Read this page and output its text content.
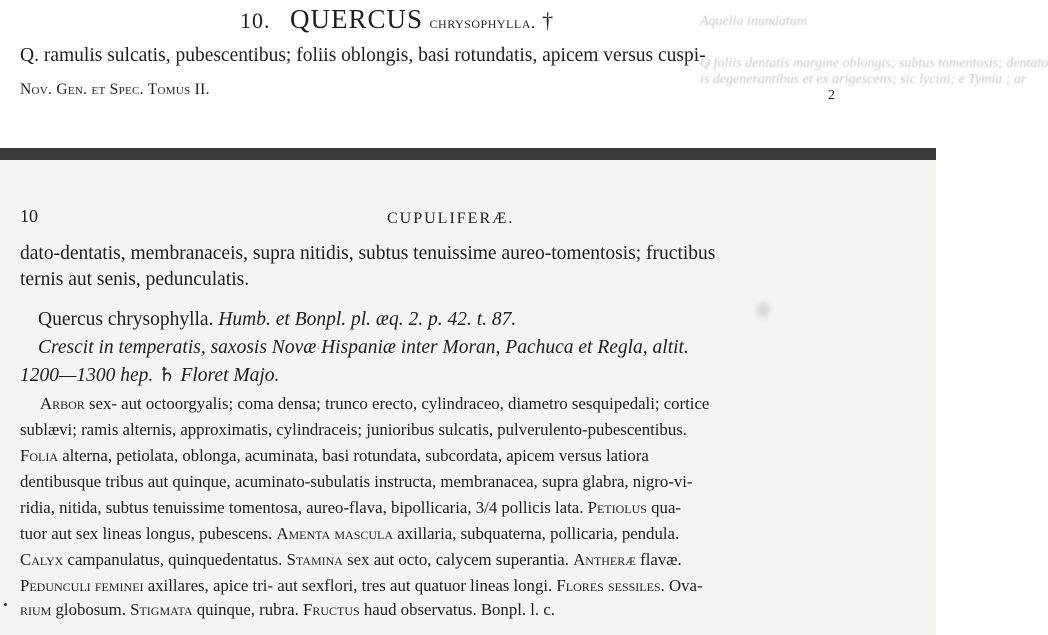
Aquella inundatum
Q foliis dentatis margine oblongis; subtus tomentosis; dentato
is degenerantibus et ex arigescens; sic lycini; e Tymia ; ar
10. QUERCUS chrysophylla. †
Q. ramulis sulcatis, pubescentibus; foliis oblongis, basi rotundatis, apicem versus cuspi-
Nov. Gen. et Spec. Tomus II.	2
10	CUPULIFERÆ.
dato-dentatis, membranaceis, supra nitidis, subtus tenuissime aureo-tomentosis; fructibus
ternis aut senis, pedunculatis.
Quercus chrysophylla. Humb. et Bonpl. pl. æq. 2. p. 42. t. 87.
Crescit in temperatis, saxosis Novæ Hispaniæ inter Moran, Pachuca et Regla, altit.
1200—1300 hep. ♄ Floret Majo.
Arbor sex- aut octoorgyalis; coma densa; trunco erecto, cylindraceo, diametro sesquipedali; cortice
sublævi; ramis alternis, approximatis, cylindraceis; junioribus sulcatis, pulverulento-pubescentibus.
Folia alterna, petiolata, oblonga, acuminata, basi rotundata, subcordata, apicem versus latiora
dentibusque tribus aut quinque, acuminato-subulatis instructa, membranacea, supra glabra, nigro-vi-
ridia, nitida, subtus tenuissime tomentosa, aureo-flava, bipollicaria, 3/4 pollicis lata. Petiolus qua-
tuor aut sex lineas longus, pubescens. Amenta mascula axillaria, subquaterna, pollicaria, pendula.
Calyx campanulatus, quinquedentatus. Stamina sex aut octo, calycem superantia. Antheræ flavæ.
Pedunculi feminei axillares, apice tri- aut sexflori, tres aut quatuor lineas longi. Flores sessiles. Ova-
rium globosum. Stigmata quinque, rubra. Fructus haud observatus. Bonpl. l. c.
